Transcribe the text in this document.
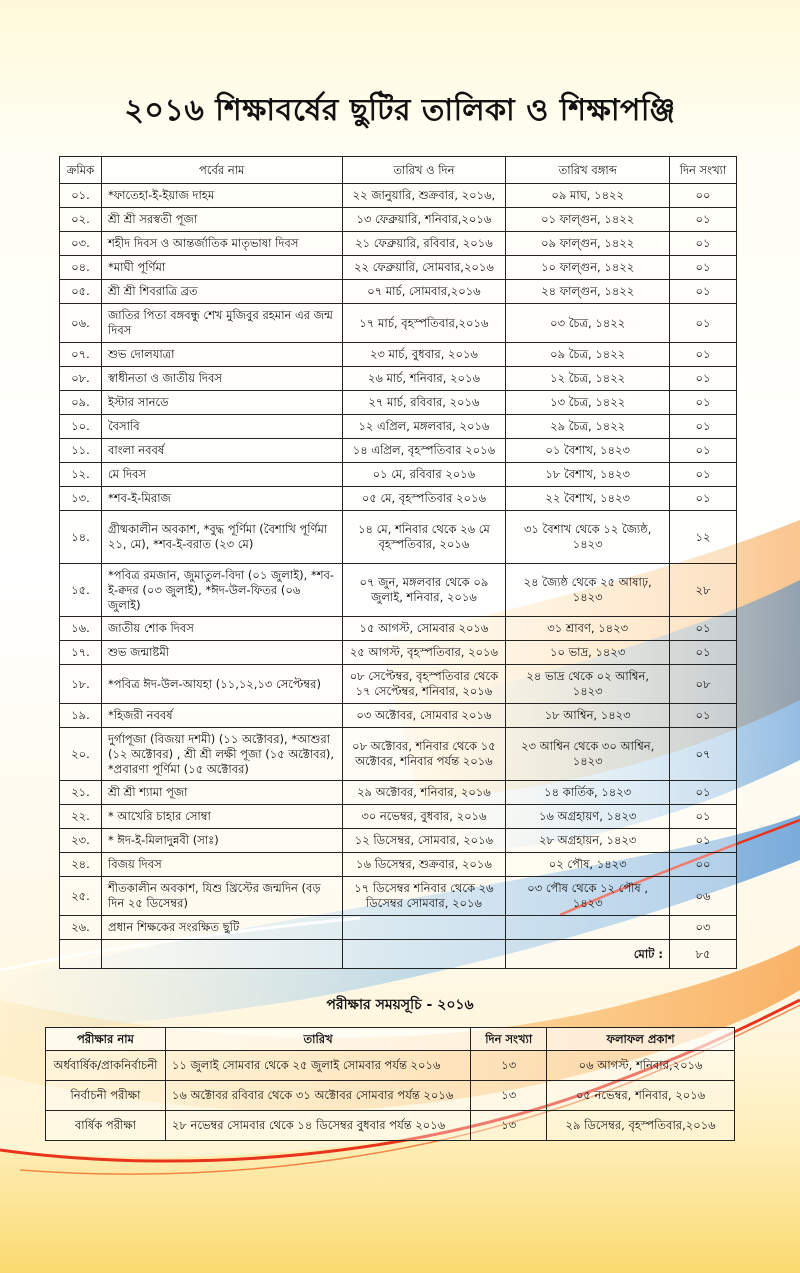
২০১৬ শিক্ষাবর্ষের ছুটির তালিকা ও শিক্ষাপঞ্জি
ক্রমিক	পর্বের নাম	তারিখ ও দিন	তারিখ বঙ্গাব্দ	দিন সংখ্যা
০১.	*ফাতেহা-ই-ইয়াজ দাহম	২২ জানুয়ারি, শুক্রবার, ২০১৬,	০৯ মাঘ, ১৪২২	০০
০২.	শ্রী শ্রী সরস্বতী পূজা	১৩ ফেব্রুয়ারি, শনিবার,২০১৬	০১ ফাল্গুন, ১৪২২	০১
০৩.	শহীদ দিবস ও আন্তর্জাতিক মাতৃভাষা দিবস	২১ ফেব্রুয়ারি, রবিবার, ২০১৬	০৯ ফাল্গুন, ১৪২২	০১
০৪.	*মাঘী পূর্ণিমা	২২ ফেব্রুয়ারি, সোমবার,২০১৬	১০ ফাল্গুন, ১৪২২	০১
০৫.	শ্রী শ্রী শিবরাত্রি ব্রত	০৭ মার্চ, সোমবার,২০১৬	২৪ ফাল্গুন, ১৪২২	০১
০৬.	জাতির পিতা বঙ্গবন্ধু শেখ মুজিবুর রহমান এর জন্ম দিবস	১৭ মার্চ, বৃহস্পতিবার,২০১৬	০৩ চৈত্র, ১৪২২	০১
০৭.	শুভ দোলযাত্রা	২৩ মার্চ, বুধবার, ২০১৬	০৯ চৈত্র, ১৪২২	০১
০৮.	স্বাধীনতা ও জাতীয় দিবস	২৬ মার্চ, শনিবার, ২০১৬	১২ চৈত্র, ১৪২২	০১
০৯.	ইস্টার সানডে	২৭ মার্চ, রবিবার, ২০১৬	১৩ চৈত্র, ১৪২২	০১
১০.	বৈসাবি	১২ এপ্রিল, মঙ্গলবার, ২০১৬	২৯ চৈত্র, ১৪২২	০১
১১.	বাংলা নববর্ষ	১৪ এপ্রিল, বৃহস্পতিবার ২০১৬	০১ বৈশাখ, ১৪২৩	০১
১২.	মে দিবস	০১ মে, রবিবার ২০১৬	১৮ বৈশাখ, ১৪২৩	০১
১৩.	*শব-ই-মিরাজ	০৫ মে, বৃহস্পতিবার ২০১৬	২২ বৈশাখ, ১৪২৩	০১
১৪.	গ্রীষ্মকালীন অবকাশ, *বুদ্ধ পূর্ণিমা (বৈশাখি পূর্ণিমা ২১, মে), *শব-ই-বরাত (২৩ মে)	১৪ মে, শনিবার থেকে ২৬ মে বৃহস্পতিবার, ২০১৬	৩১ বৈশাখ থেকে ১২ জ্যৈষ্ঠ, ১৪২৩	১২
১৫.	*পবিত্র রমজান, জুমাতুল-বিদা (০১ জুলাই), *শব-ই-ক্বদর (০৩ জুলাই), *ঈদ-উল-ফিতর (০৬ জুলাই)	০৭ জুন, মঙ্গলবার থেকে ০৯ জুলাই, শনিবার, ২০১৬	২৪ জ্যৈষ্ঠ থেকে ২৫ আষাঢ়, ১৪২৩	২৮
১৬.	জাতীয় শোক দিবস	১৫ আগস্ট, সোমবার ২০১৬	৩১ শ্রাবণ, ১৪২৩	০১
১৭.	শুভ জন্মাষ্টমী	২৫ আগস্ট, বৃহস্পতিবার, ২০১৬	১০ ভাদ্র, ১৪২৩	০১
১৮.	*পবিত্র ঈদ-উল-আযহা (১১,১২,১৩ সেপ্টেম্বর)	০৮ সেপ্টেম্বর, বৃহস্পতিবার থেকে ১৭ সেপ্টেম্বর, শনিবার, ২০১৬	২৪ ভাদ্র থেকে ০২ আশ্বিন, ১৪২৩	০৮
১৯.	*হিজরী নববর্ষ	০৩ অক্টোবর, সোমবার ২০১৬	১৮ আশ্বিন, ১৪২৩	০১
২০.	দুর্গাপূজা (বিজয়া দশমী) (১১ অক্টোবর), *আশুরা (১২ অক্টোবর) , শ্রী শ্রী লক্ষী পূজা (১৫ অক্টোবর), *প্রবারণা পূর্ণিমা (১৫ অক্টোবর)	০৮ অক্টোবর, শনিবার থেকে ১৫ অক্টোবর, শনিবার পর্যন্ত ২০১৬	২৩ আশ্বিন থেকে ৩০ আশ্বিন, ১৪২৩	০৭
২১.	শ্রী শ্রী শ্যামা পূজা	২৯ অক্টোবর, শনিবার, ২০১৬	১৪ কার্তিক, ১৪২৩	০১
২২.	* আখেরি চাহার সোম্বা	৩০ নভেম্বর, বুধবার, ২০১৬	১৬ অগ্রহায়ণ, ১৪২৩	০১
২৩.	* ঈদ-ই-মিলাদুন্নবী (সাঃ)	১২ ডিসেম্বর, সোমবার, ২০১৬	২৮ অগ্রহায়ন, ১৪২৩	০১
২৪.	বিজয় দিবস	১৬ ডিসেম্বর, শুক্রবার, ২০১৬	০২ পৌষ, ১৪২৩	০০
২৫.	শীতকালীন অবকাশ, যিশু খ্রিস্টের জন্মদিন (বড় দিন ২৫ ডিসেম্বর)	১৭ ডিসেম্বর শনিবার থেকে ২৬ ডিসেম্বর সোমবার, ২০১৬	০৩ পৌষ থেকে ১২ পৌষ , ১৪২৩	০৬
২৬.	প্রধান শিক্ষকের সংরক্ষিত ছুটি			০৩
			মোট :	৮৫
পরীক্ষার সময়সূচি - ২০১৬
পরীক্ষার নাম	তারিখ	দিন সংখ্যা	ফলাফল প্রকাশ
অর্ধবার্ষিক/প্রাকনির্বাচনী	১১ জুলাই সোমবার থেকে ২৫ জুলাই সোমবার পর্যন্ত ২০১৬	১৩	০৬ আগস্ট, শনিবার,২০১৬
নির্বাচনী পরীক্ষা	১৬ অক্টোবর রবিবার থেকে ৩১ অক্টোবর সোমবার পর্যন্ত ২০১৬	১৩	০৫ নভেম্বর, শনিবার, ২০১৬
বার্ষিক পরীক্ষা	২৮ নভেম্বর সোমবার থেকে ১৪ ডিসেম্বর বুধবার পর্যন্ত ২০১৬	১৩	২৯ ডিসেম্বর, বৃহস্পতিবার,২০১৬
